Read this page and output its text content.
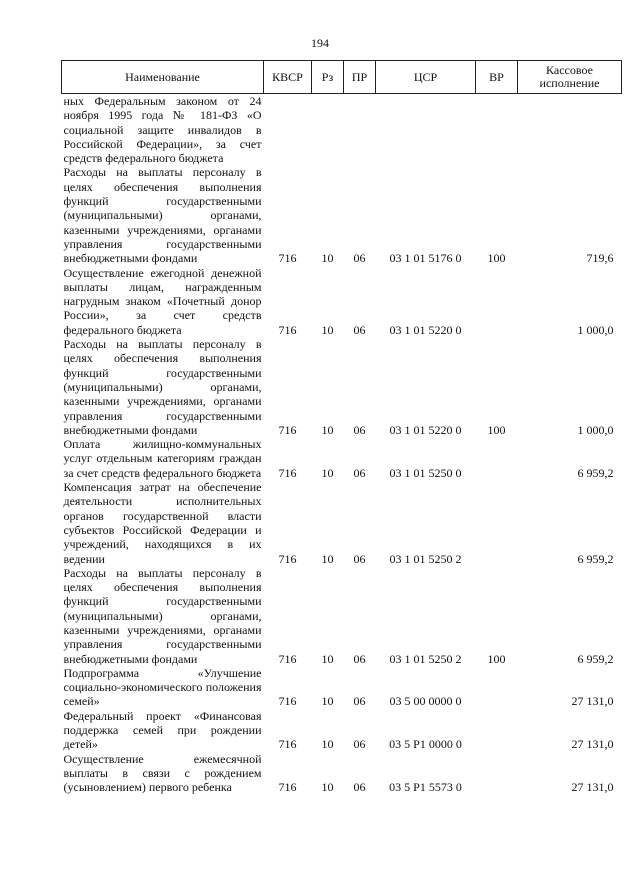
194
Наименование	КВСР	Рз	ПР	ЦСР	ВР	Кассовое исполнение
ных Федеральным законом от 24 ноября 1995 года № 181-ФЗ «О социальной защите инвалидов в Российской Федерации», за счет средств федерального бюджета						
Расходы на выплаты персоналу в целях обеспечения выполнения функций государственными (муниципальными) органами, казенными учреждениями, органами управления государственными внебюджетными фондами	716	10	06	03 1 01 5176 0	100	719,6
Осуществление ежегодной денежной выплаты лицам, награжденным нагрудным знаком «Почетный донор России», за счет средств федерального бюджета	716	10	06	03 1 01 5220 0		1 000,0
Расходы на выплаты персоналу в целях обеспечения выполнения функций государственными (муниципальными) органами, казенными учреждениями, органами управления государственными внебюджетными фондами	716	10	06	03 1 01 5220 0	100	1 000,0
Оплата жилищно-коммунальных услуг отдельным категориям граждан за счет средств федерального бюджета	716	10	06	03 1 01 5250 0		6 959,2
Компенсация затрат на обеспечение деятельности исполнительных органов государственной власти субъектов Российской Федерации и учреждений, находящихся в их ведении	716	10	06	03 1 01 5250 2		6 959,2
Расходы на выплаты персоналу в целях обеспечения выполнения функций государственными (муниципальными) органами, казенными учреждениями, органами управления государственными внебюджетными фондами	716	10	06	03 1 01 5250 2	100	6 959,2
Подпрограмма «Улучшение социально-экономического положения семей»	716	10	06	03 5 00 0000 0		27 131,0
Федеральный проект «Финансовая поддержка семей при рождении детей»	716	10	06	03 5 P1 0000 0		27 131,0
Осуществление ежемесячной выплаты в связи с рождением (усыновлением) первого ребенка	716	10	06	03 5 P1 5573 0		27 131,0
